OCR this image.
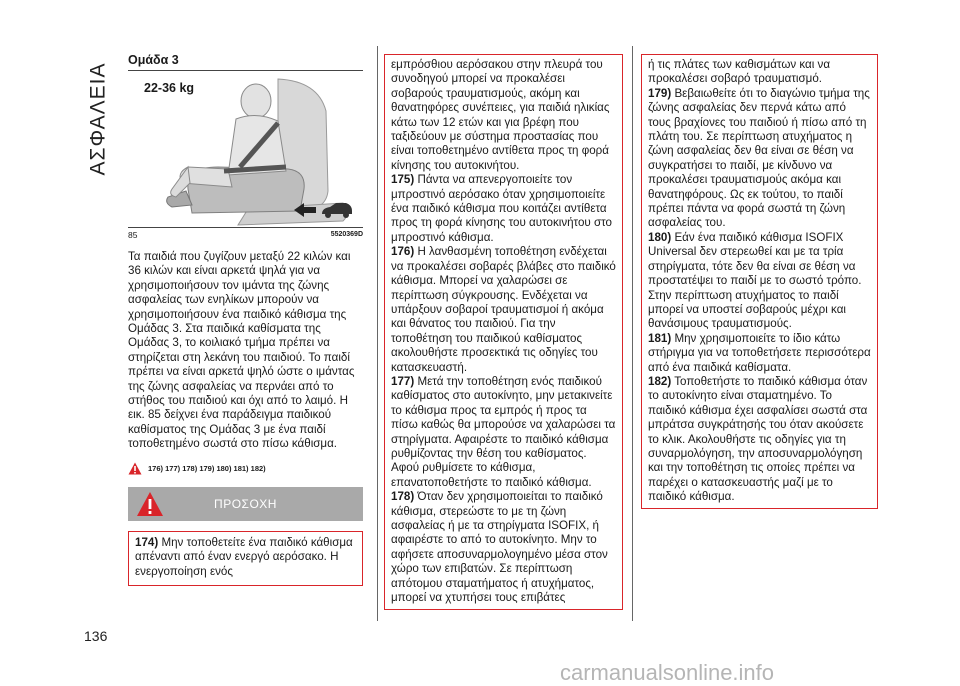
ΑΣΦΑΛΕΙΑ
136
Ομάδα 3
22-36 kg
85	5520369D
Τα παιδιά που ζυγίζουν μεταξύ 22 κιλών και 36 κιλών και είναι αρκετά ψηλά για να χρησιμοποιήσουν τον ιμάντα της ζώνης ασφαλείας των ενηλίκων μπορούν να χρησιμοποιήσουν ένα παιδικό κάθισμα της Ομάδας 3. Στα παιδικά καθίσματα της Ομάδας 3, το κοιλιακό τμήμα πρέπει να στηρίζεται στη λεκάνη του παιδιού. Το παιδί πρέπει να είναι αρκετά ψηλό ώστε ο ιμάντας της ζώνης ασφαλείας να περνάει από το στήθος του παιδιού και όχι από το λαιμό. Η εικ. 85 δείχνει ένα παράδειγμα παιδικού καθίσματος της Ομάδας 3 με ένα παιδί τοποθετημένο σωστά στο πίσω κάθισμα.
176) 177) 178) 179) 180) 181) 182)
ΠΡΟΣΟΧΗ
174) Μην τοποθετείτε ένα παιδικό κάθισμα απέναντι από έναν ενεργό αερόσακο. Η ενεργοποίηση ενός
εμπρόσθιου αερόσακου στην πλευρά του συνοδηγού μπορεί να προκαλέσει σοβαρούς τραυματισμούς, ακόμη και θανατηφόρες συνέπειες, για παιδιά ηλικίας κάτω των 12 ετών και για βρέφη που ταξιδεύουν με σύστημα προστασίας που είναι τοποθετημένο αντίθετα προς τη φορά κίνησης του αυτοκινήτου.
175) Πάντα να απενεργοποιείτε τον μπροστινό αερόσακο όταν χρησιμοποιείτε ένα παιδικό κάθισμα που κοιτάζει αντίθετα προς τη φορά κίνησης του αυτοκινήτου στο μπροστινό κάθισμα.
176) Η λανθασμένη τοποθέτηση ενδέχεται να προκαλέσει σοβαρές βλάβες στο παιδικό κάθισμα. Μπορεί να χαλαρώσει σε περίπτωση σύγκρουσης. Ενδέχεται να υπάρξουν σοβαροί τραυματισμοί ή ακόμα και θάνατος του παιδιού. Για την τοποθέτηση του παιδικού καθίσματος ακολουθήστε προσεκτικά τις οδηγίες του κατασκευαστή.
177) Μετά την τοποθέτηση ενός παιδικού καθίσματος στο αυτοκίνητο, μην μετακινείτε το κάθισμα προς τα εμπρός ή προς τα πίσω καθώς θα μπορούσε να χαλαρώσει τα στηρίγματα. Αφαιρέστε το παιδικό κάθισμα ρυθμίζοντας την θέση του καθίσματος. Αφού ρυθμίσετε το κάθισμα, επανατοποθετήστε το παιδικό κάθισμα.
178) Όταν δεν χρησιμοποιείται το παιδικό κάθισμα, στερεώστε το με τη ζώνη ασφαλείας ή με τα στηρίγματα ISOFIX, ή αφαιρέστε το από το αυτοκίνητο. Μην το αφήσετε αποσυναρμολογημένο μέσα στον χώρο των επιβατών. Σε περίπτωση απότομου σταματήματος ή ατυχήματος, μπορεί να χτυπήσει τους επιβάτες
ή τις πλάτες των καθισμάτων και να προκαλέσει σοβαρό τραυματισμό.
179) Βεβαιωθείτε ότι το διαγώνιο τμήμα της ζώνης ασφαλείας δεν περνά κάτω από τους βραχίονες του παιδιού ή πίσω από τη πλάτη του. Σε περίπτωση ατυχήματος η ζώνη ασφαλείας δεν θα είναι σε θέση να συγκρατήσει το παιδί, με κίνδυνο να προκαλέσει τραυματισμούς ακόμα και θανατηφόρους. Ως εκ τούτου, το παιδί πρέπει πάντα να φορά σωστά τη ζώνη ασφαλείας του.
180) Εάν ένα παιδικό κάθισμα ISOFIX Universal δεν στερεωθεί και με τα τρία στηρίγματα, τότε δεν θα είναι σε θέση να προστατέψει το παιδί με το σωστό τρόπο. Στην περίπτωση ατυχήματος το παιδί μπορεί να υποστεί σοβαρούς μέχρι και θανάσιμους τραυματισμούς.
181) Μην χρησιμοποιείτε το ίδιο κάτω στήριγμα για να τοποθετήσετε περισσότερα από ένα παιδικά καθίσματα.
182) Τοποθετήστε το παιδικό κάθισμα όταν το αυτοκίνητο είναι σταματημένο. Το παιδικό κάθισμα έχει ασφαλίσει σωστά στα μπράτσα συγκράτησής του όταν ακούσετε το κλικ. Ακολουθήστε τις οδηγίες για τη συναρμολόγηση, την αποσυναρμολόγηση και την τοποθέτηση τις οποίες πρέπει να παρέχει ο κατασκευαστής μαζί με το παιδικό κάθισμα.
carmanualsonline.info
